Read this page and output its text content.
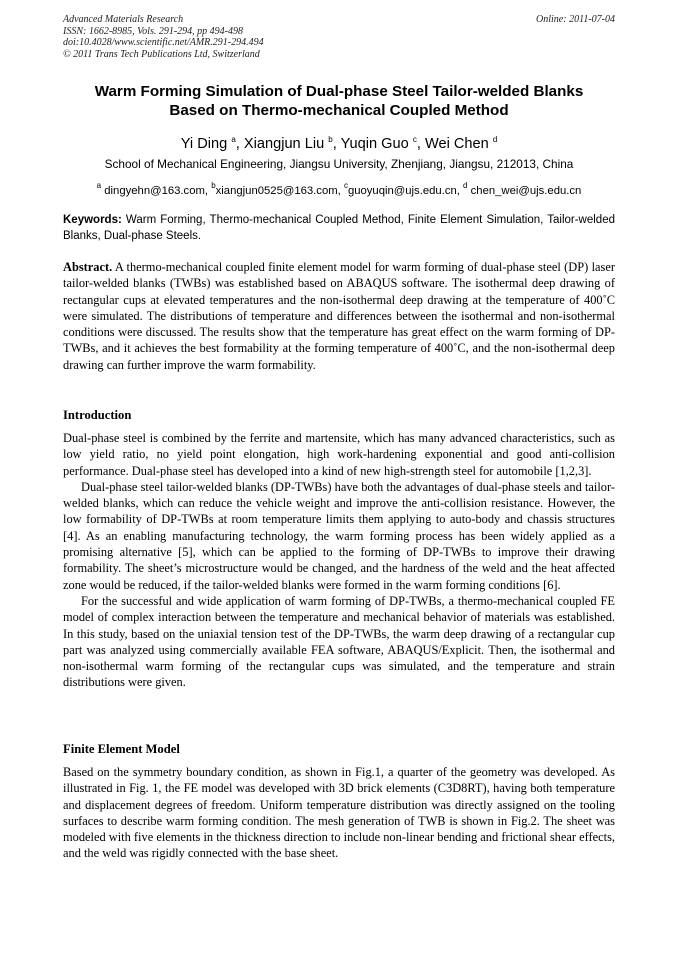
Advanced Materials Research
ISSN: 1662-8985, Vols. 291-294, pp 494-498
doi:10.4028/www.scientific.net/AMR.291-294.494
© 2011 Trans Tech Publications Ltd, Switzerland
Online: 2011-07-04
Warm Forming Simulation of Dual-phase Steel Tailor-welded Blanks
Based on Thermo-mechanical Coupled Method
Yi Ding $^a$, Xiangjun Liu $^b$, Yuqin Guo $^c$, Wei Chen $^d$
School of Mechanical Engineering, Jiangsu University, Zhenjiang, Jiangsu, 212013, China
$^a$ dingyehn@163.com, $^b$xiangjun0525@163.com, $^c$guoyuqin@ujs.edu.cn, $^d$ chen_wei@ujs.edu.cn
Keywords: Warm Forming, Thermo-mechanical Coupled Method, Finite Element Simulation, Tailor-welded Blanks, Dual-phase Steels.

Abstract. A thermo-mechanical coupled finite element model for warm forming of dual-phase steel (DP) laser tailor-welded blanks (TWBs) was established based on ABAQUS software. The isothermal deep drawing of rectangular cups at elevated temperatures and the non-isothermal deep drawing at the temperature of 400˚C were simulated. The distributions of temperature and differences between the isothermal and non-isothermal conditions were discussed. The results show that the temperature has great effect on the warm forming of DP-TWBs, and it achieves the best formability at the forming temperature of 400˚C, and the non-isothermal deep drawing can further improve the warm formability.

Introduction

Dual-phase steel is combined by the ferrite and martensite, which has many advanced characteristics, such as low yield ratio, no yield point elongation, high work-hardening exponential and good anti-collision performance. Dual-phase steel has developed into a kind of new high-strength steel for automobile [1,2,3].

Dual-phase steel tailor-welded blanks (DP-TWBs) have both the advantages of dual-phase steels and tailor-welded blanks, which can reduce the vehicle weight and improve the anti-collision resistance. However, the low formability of DP-TWBs at room temperature limits them applying to auto-body and chassis structures [4]. As an enabling manufacturing technology, the warm forming process has been widely applied as a promising alternative [5], which can be applied to the forming of DP-TWBs to improve their drawing formability. The sheet’s microstructure would be changed, and the hardness of the weld and the heat affected zone would be reduced, if the tailor-welded blanks were formed in the warm forming conditions [6].

For the successful and wide application of warm forming of DP-TWBs, a thermo-mechanical coupled FE model of complex interaction between the temperature and mechanical behavior of materials was established. In this study, based on the uniaxial tension test of the DP-TWBs, the warm deep drawing of a rectangular cup part was analyzed using commercially available FEA software, ABAQUS/Explicit. Then, the isothermal and non-isothermal warm forming of the rectangular cups was simulated, and the temperature and strain distributions were given.

Finite Element Model

Based on the symmetry boundary condition, as shown in Fig.1, a quarter of the geometry was developed. As illustrated in Fig. 1, the FE model was developed with 3D brick elements (C3D8RT), having both temperature and displacement degrees of freedom. Uniform temperature distribution was directly assigned on the tooling surfaces to describe warm forming condition. The mesh generation of TWB is shown in Fig.2. The sheet was modeled with five elements in the thickness direction to include non-linear bending and frictional shear effects, and the weld was rigidly connected with the base sheet.
